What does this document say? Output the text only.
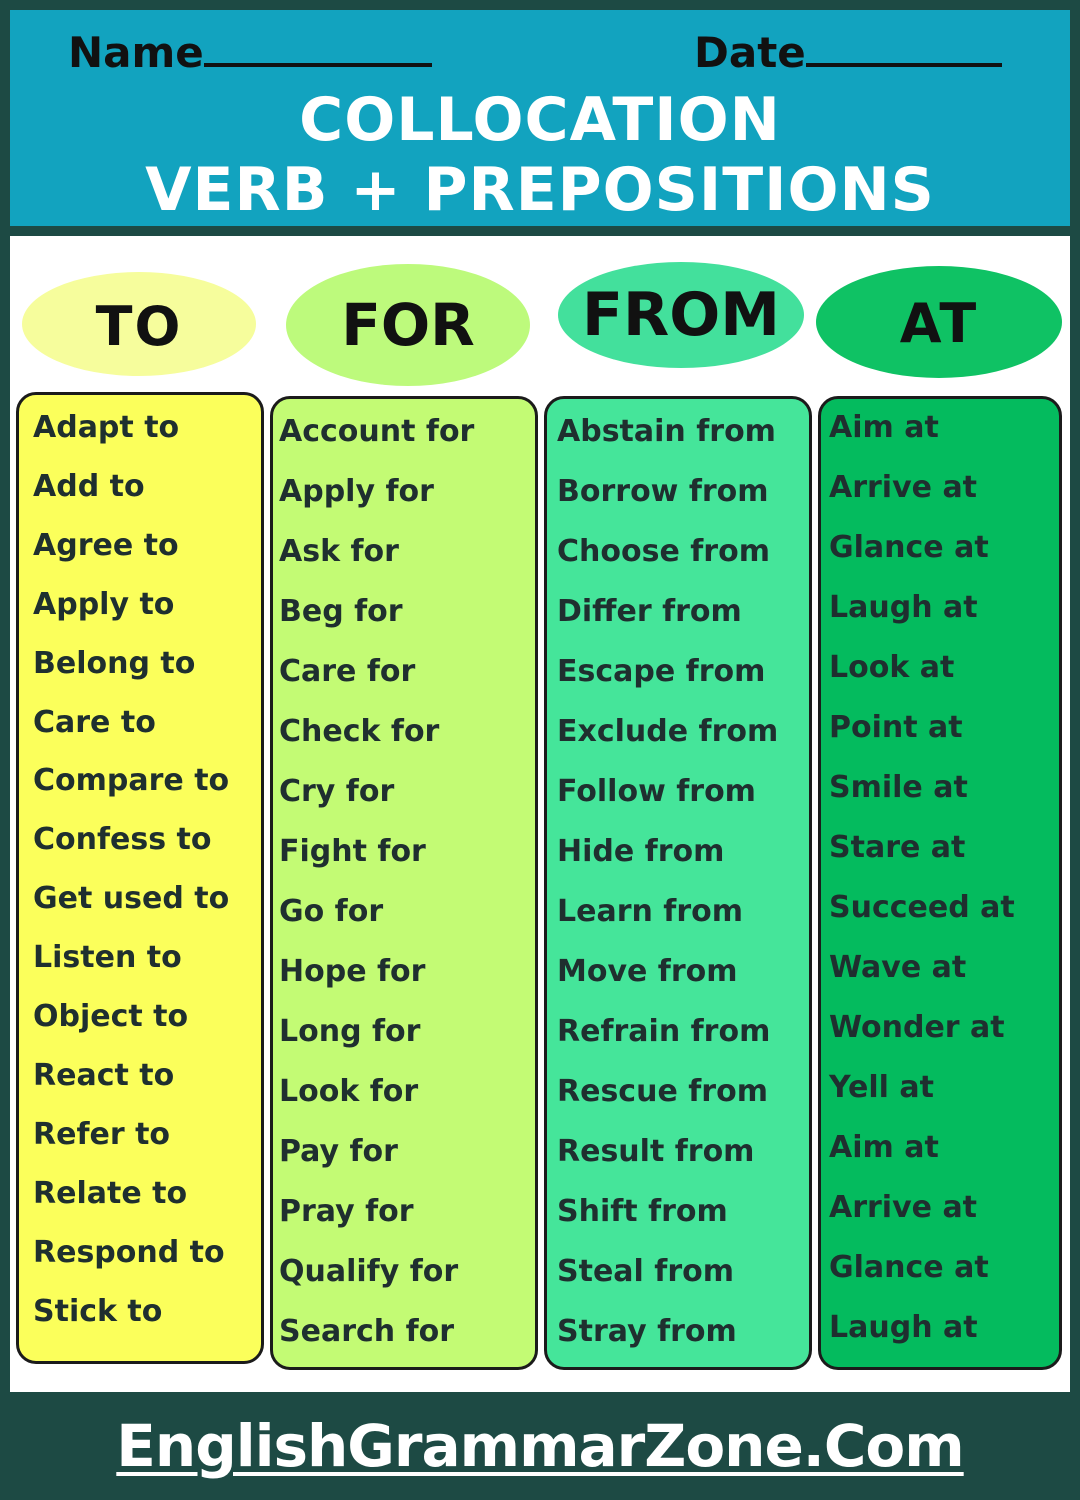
Name	Date
COLLOCATION
VERB + PREPOSITIONS
TO	FOR FROM AT
Adapt to
Add to
Agree to
Apply to
Belong to
Care to
Compare to
Confess to
Get used to
Listen to
Object to
React to
Refer to
Relate to
Respond to
Stick to
Account for
Apply for
Ask for
Beg for
Care for
Check for
Cry for
Fight for
Go for
Hope for
Long for
Look for
Pay for
Pray for
Qualify for
Search for
Abstain from
Borrow from
Choose from
Differ from
Escape from
Exclude from
Follow from
Hide from
Learn from
Move from
Refrain from
Rescue from
Result from
Shift from
Steal from
Stray from
Aim at
Arrive at
Glance at
Laugh at
Look at
Point at
Smile at
Stare at
Succeed at
Wave at
Wonder at
Yell at
Aim at
Arrive at
Glance at
Laugh at
EnglishGrammarZone.Com
